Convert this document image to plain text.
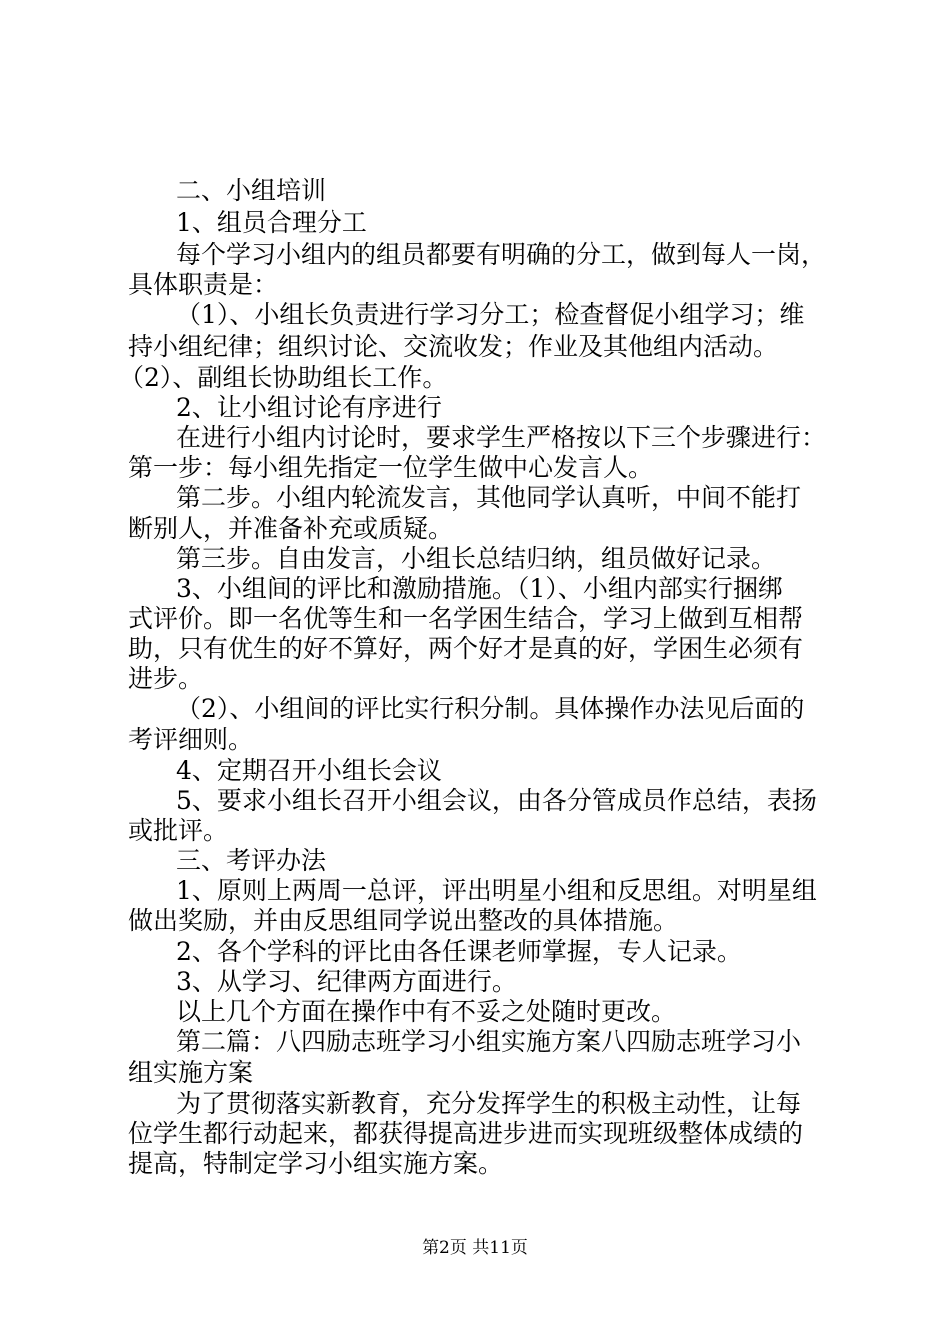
二、小组培训
1、组员合理分工
每个学习小组内的组员都要有明确的分工，做到每人一岗，
具体职责是：
（1）、小组长负责进行学习分工；检查督促小组学习；维
持小组纪律；组织讨论、交流收发；作业及其他组内活动。
（2）、副组长协助组长工作。
2、让小组讨论有序进行
在进行小组内讨论时，要求学生严格按以下三个步骤进行：
第一步：每小组先指定一位学生做中心发言人。
第二步。小组内轮流发言，其他同学认真听，中间不能打
断别人，并准备补充或质疑。
第三步。自由发言，小组长总结归纳，组员做好记录。
3、小组间的评比和激励措施。（1）、小组内部实行捆绑
式评价。即一名优等生和一名学困生结合，学习上做到互相帮
助，只有优生的好不算好，两个好才是真的好，学困生必须有
进步。
（2）、小组间的评比实行积分制。具体操作办法见后面的
考评细则。
4、定期召开小组长会议
5、要求小组长召开小组会议，由各分管成员作总结，表扬
或批评。
三、考评办法
1、原则上两周一总评，评出明星小组和反思组。对明星组
做出奖励，并由反思组同学说出整改的具体措施。
2、各个学科的评比由各任课老师掌握，专人记录。
3、从学习、纪律两方面进行。
以上几个方面在操作中有不妥之处随时更改。
第二篇：八四励志班学习小组实施方案八四励志班学习小
组实施方案
为了贯彻落实新教育，充分发挥学生的积极主动性，让每
位学生都行动起来，都获得提高进步进而实现班级整体成绩的
提高，特制定学习小组实施方案。
第2页 共11页
